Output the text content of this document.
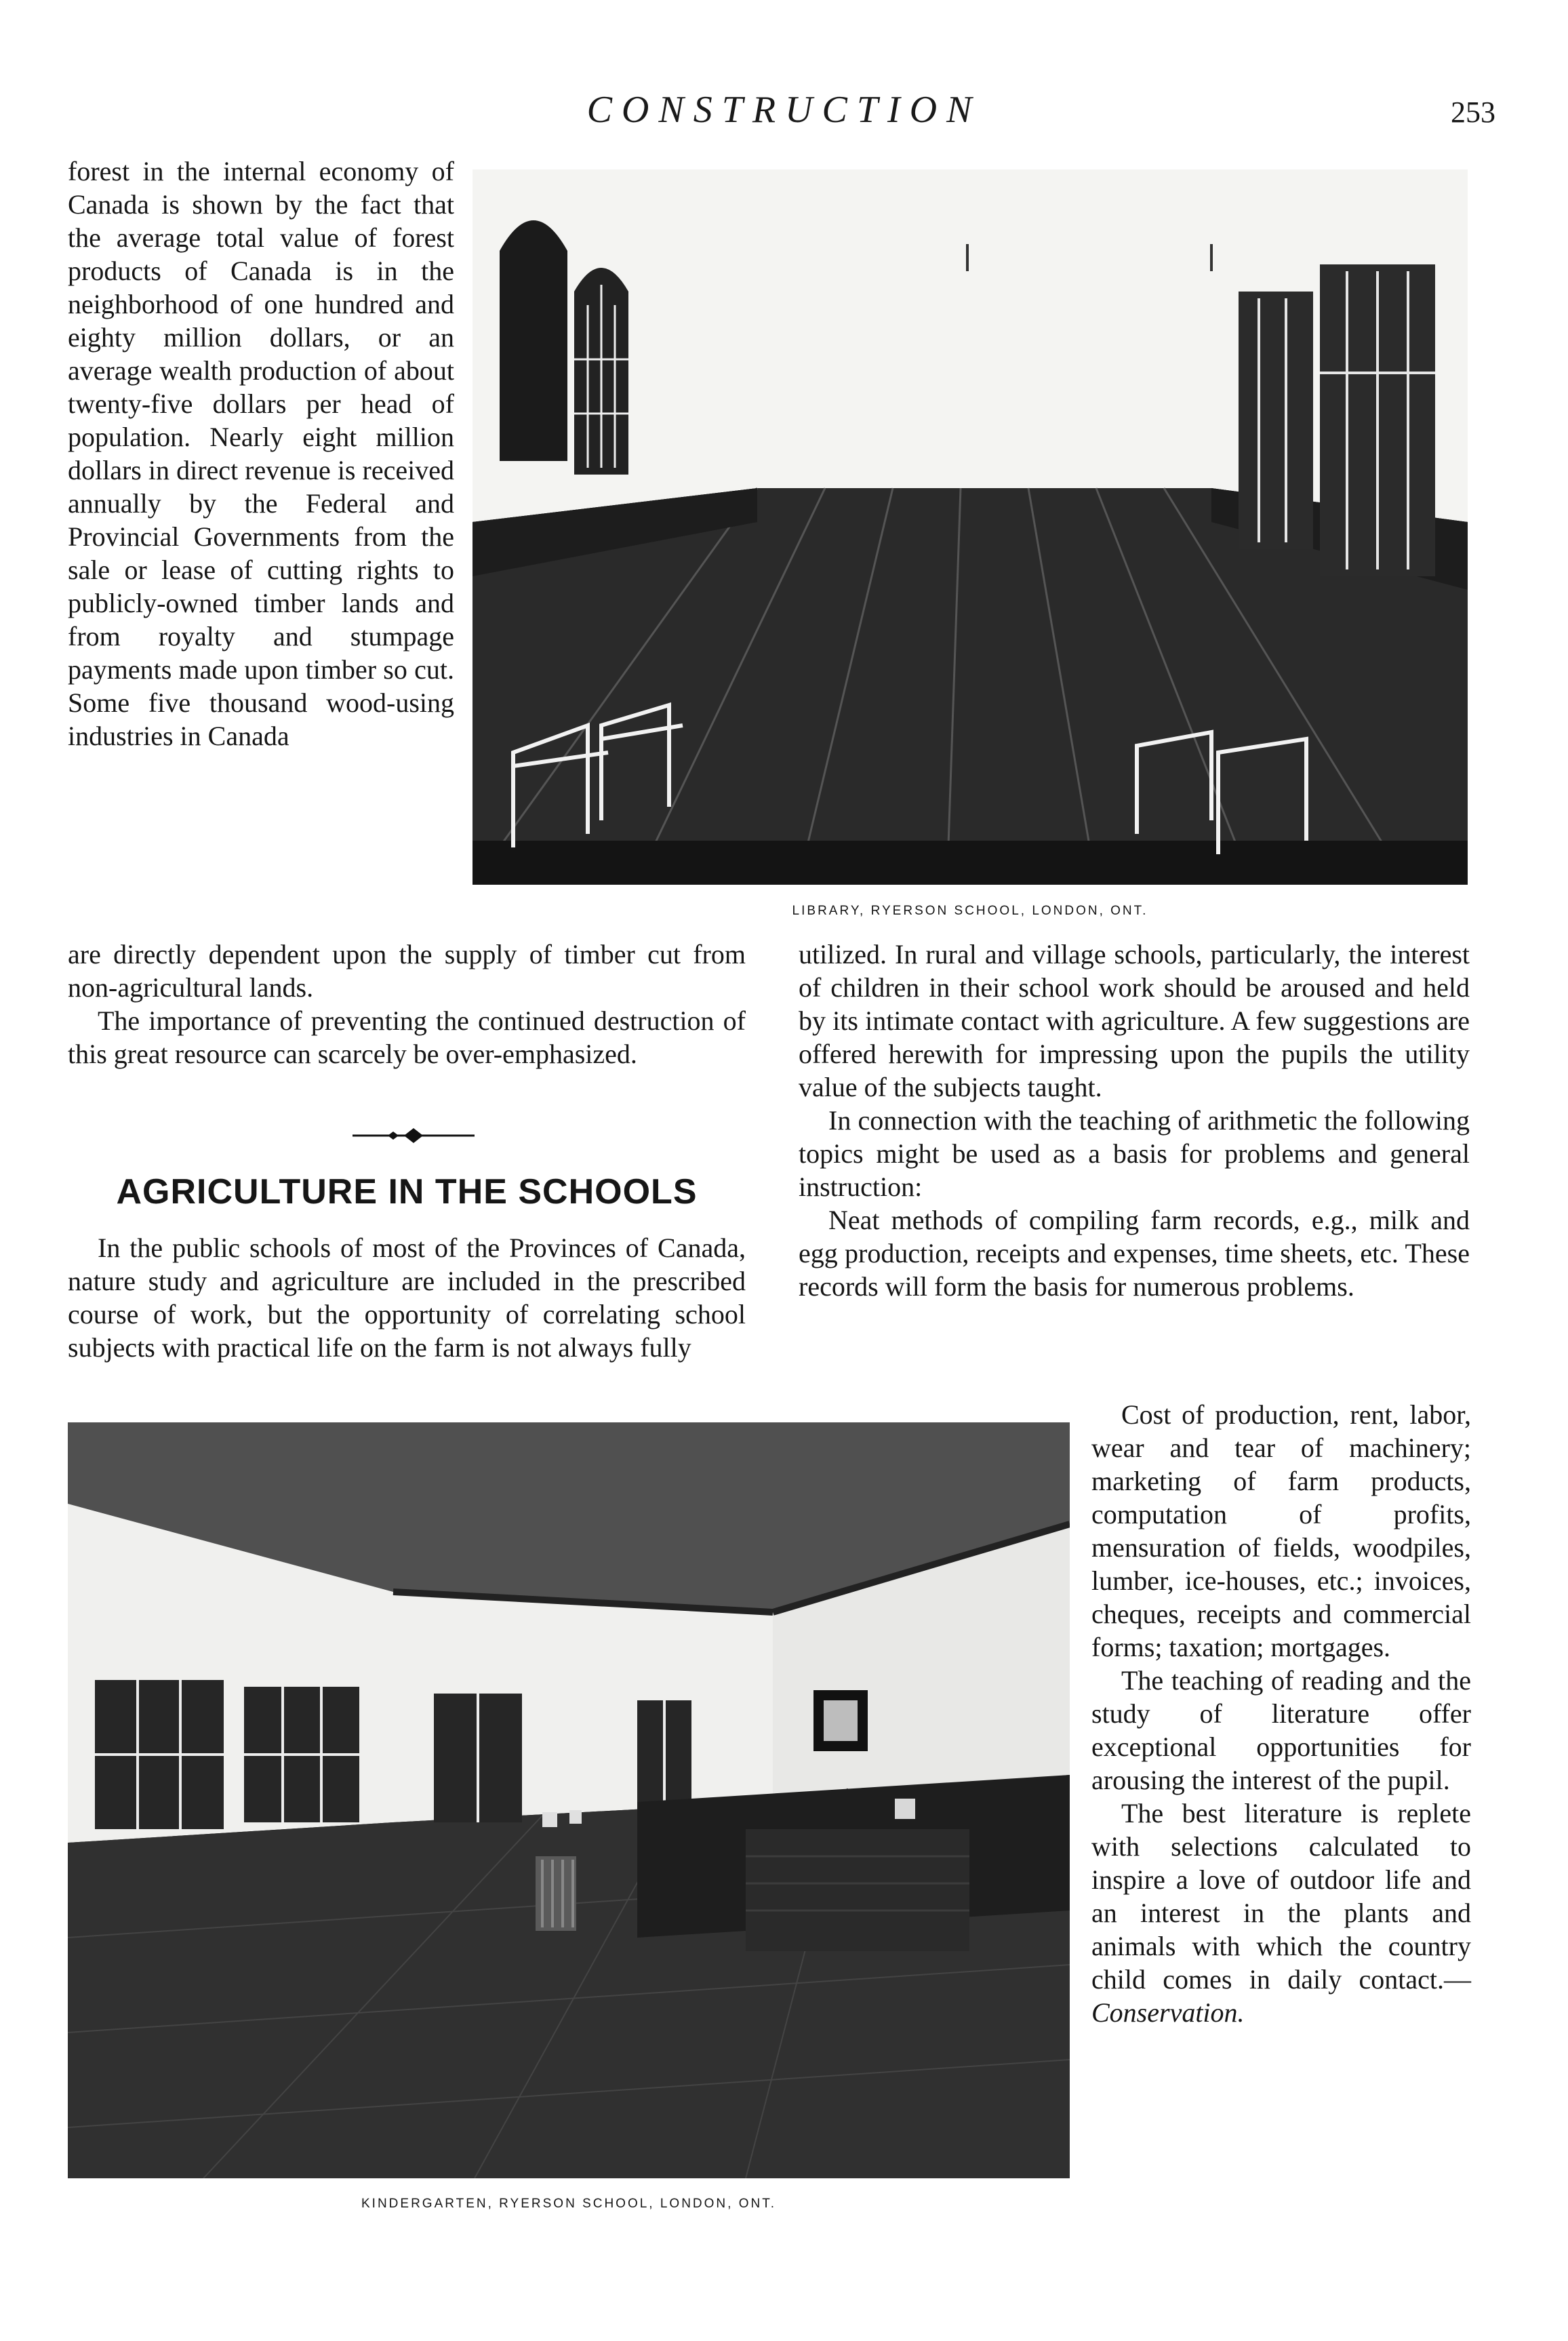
CONSTRUCTION	253

forest in the internal economy of Canada is shown by the fact that the average total value of forest products of Canada is in the neighborhood of one hundred and eighty million dollars, or an average wealth production of about twenty-five dollars per head of population. Nearly eight million dollars in direct revenue is received annually by the Federal and Provincial Governments from the sale or lease of cutting rights to publicly-owned timber lands and from royalty and stumpage payments made upon timber so cut. Some five thousand wood-using industries in Canada

LIBRARY, RYERSON SCHOOL, LONDON, ONT.

are directly dependent upon the supply of timber cut from non-agricultural lands.

The importance of preventing the continued destruction of this great resource can scarcely be over-emphasized.

AGRICULTURE IN THE SCHOOLS

In the public schools of most of the Provinces of Canada, nature study and agriculture are included in the prescribed course of work, but the opportunity of correlating school subjects with practical life on the farm is not always fully

utilized. In rural and village schools, particularly, the interest of children in their school work should be aroused and held by its intimate contact with agriculture. A few suggestions are offered herewith for impressing upon the pupils the utility value of the subjects taught.

In connection with the teaching of arithmetic the following topics might be used as a basis for problems and general instruction:

Neat methods of compiling farm records, e.g., milk and egg production, receipts and expenses, time sheets, etc. These records will form the basis for numerous problems.

KINDERGARTEN, RYERSON SCHOOL, LONDON, ONT.

Cost of production, rent, labor, wear and tear of machinery; marketing of farm products, computation of profits, mensuration of fields, woodpiles, lumber, ice-houses, etc.; invoices, cheques, receipts and commercial forms; taxation; mortgages.

The teaching of reading and the study of literature offer exceptional opportunities for arousing the interest of the pupil.

The best literature is replete with selections calculated to inspire a love of outdoor life and an interest in the plants and animals with which the country child comes in daily contact.—Conservation.
